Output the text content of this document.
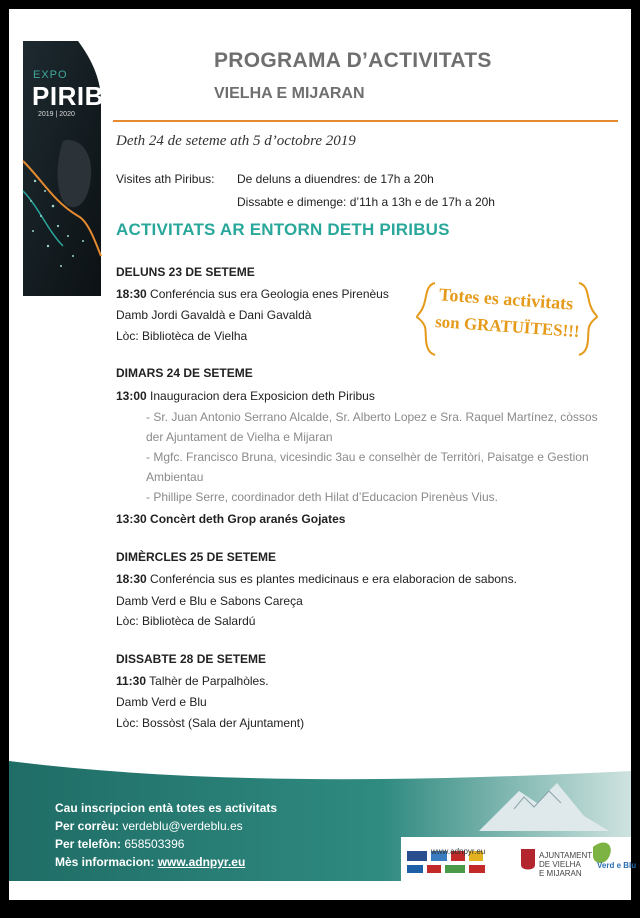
EXPO
PIRIBUS
2019 | 2020
PROGRAMA D’ACTIVITATS
VIELHA E MIJARAN
Deth 24 de seteme ath 5 d’octobre 2019
Visites ath Piribus: De deluns a diuendres: de 17h a 20h
Dissabte e dimenge: d’11h a 13h e de 17h a 20h
ACTIVITATS AR ENTORN DETH PIRIBUS
Totes es activitats
son GRATUÏTES!!!
DELUNS 23 DE SETEME
18:30 Conferéncia sus era Geologia enes Pirenèus
Damb Jordi Gavaldà e Dani Gavaldà
Lòc: Bibliotèca de Vielha
DIMARS 24 DE SETEME
13:00 Inauguracion dera Exposicion deth Piribus
- Sr. Juan Antonio Serrano Alcalde, Sr. Alberto Lopez e Sra. Raquel Martínez, còssos
der Ajuntament de Vielha e Mijaran
- Mgfc. Francisco Bruna, vicesindic 3au e conselhèr de Territòri, Paisatge e Gestion
Ambientau
- Phillipe Serre, coordinador deth Hilat d’Educacion Pirenèus Vius.
13:30 Concèrt deth Grop aranés Gojates
DIMÈRCLES 25 DE SETEME
18:30 Conferéncia sus es plantes medicinaus e era elaboracion de sabons.
Damb Verd e Blu e Sabons Careça
Lòc: Bibliotèca de Salardú
DISSABTE 28 DE SETEME
11:30 Talhèr de Parpalhòles.
Damb Verd e Blu
Lòc: Bossòst (Sala der Ajuntament)
Cau inscripcion entà totes es activitats
Per corrèu: verdeblu@verdeblu.es
Per telefòn: 658503396
Mès informacion: www.adnpyr.eu
www.adnpyr.eu	AJUNTAMENT DE VIELHA E MIJARAN
Verd e Blu
